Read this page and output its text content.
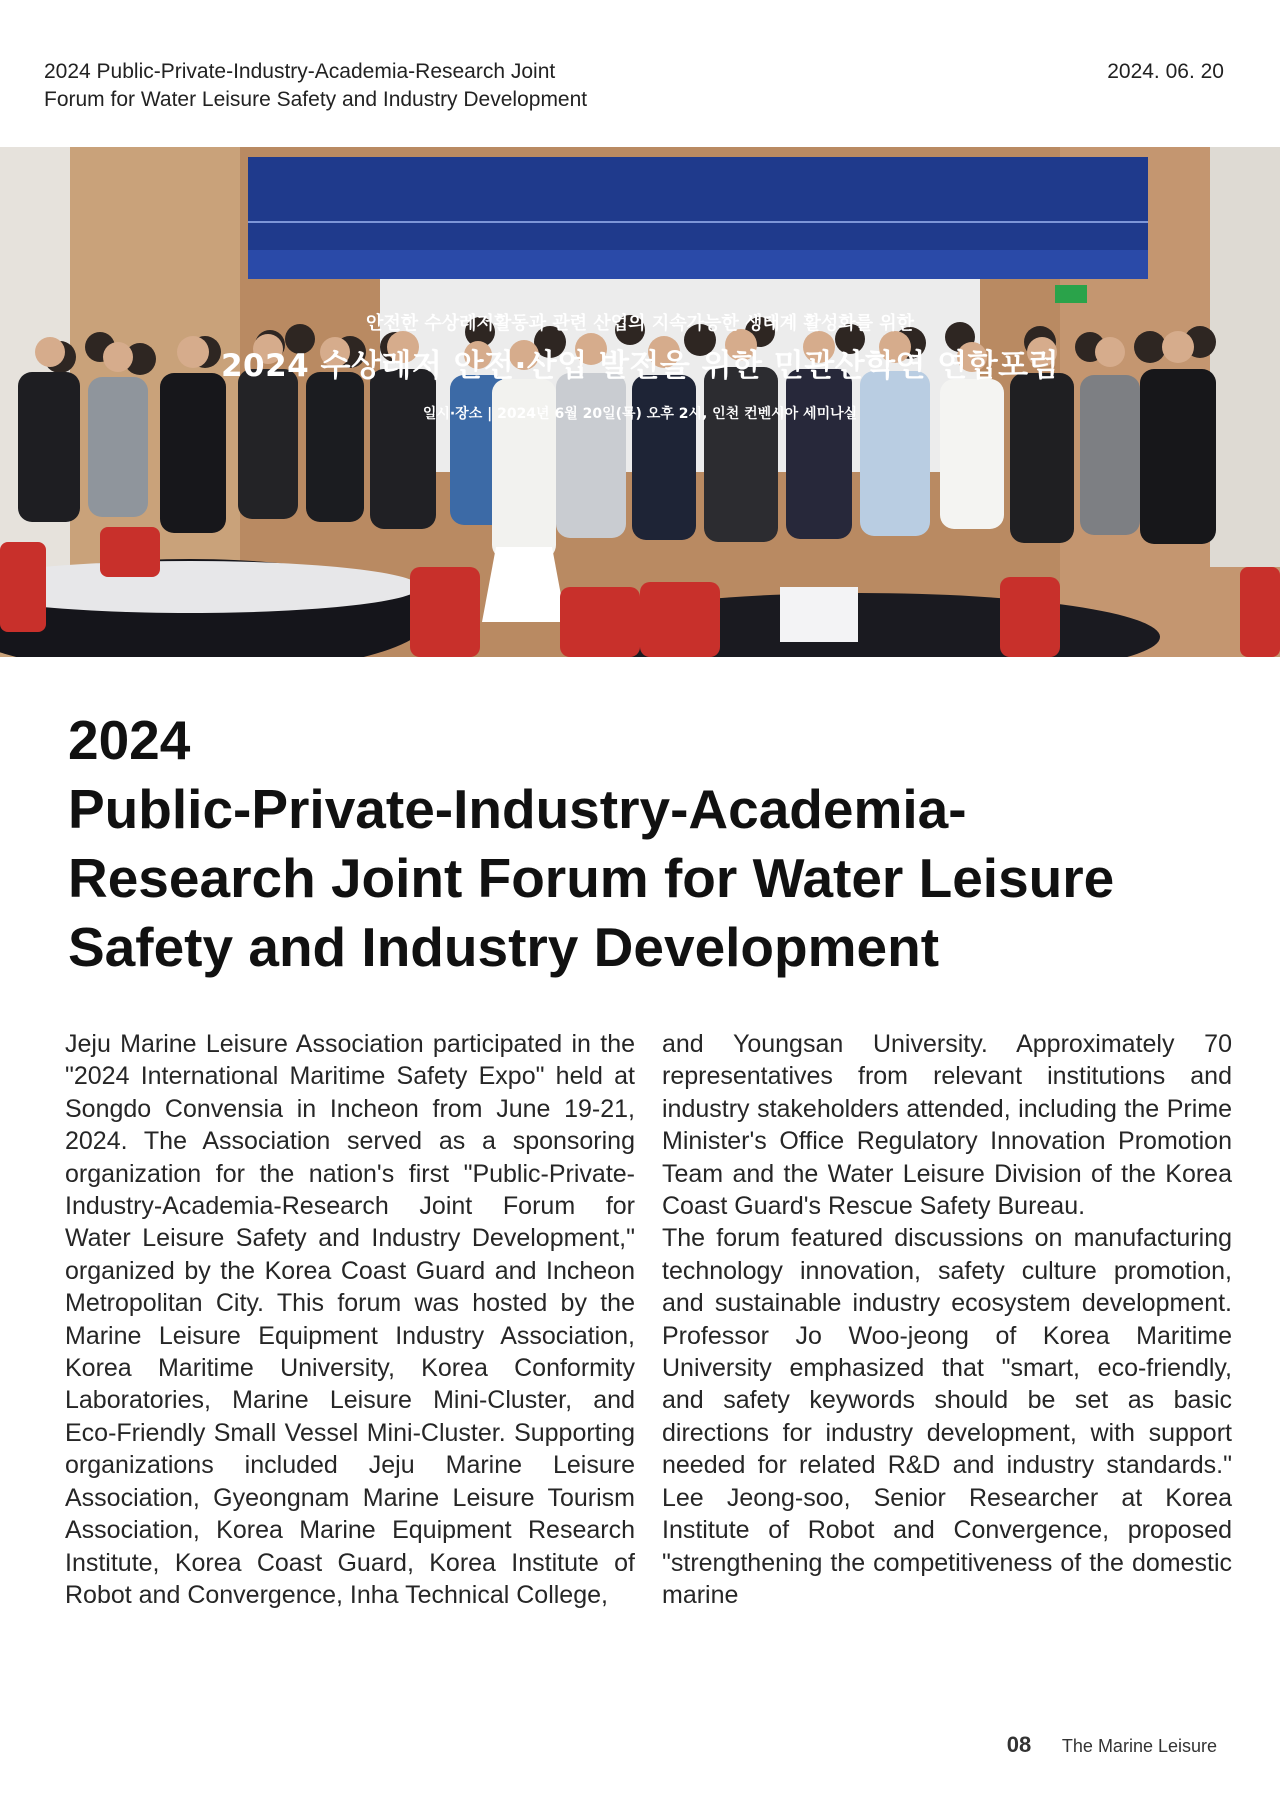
2024 Public-Private-Industry-Academia-Research Joint
Forum for Water Leisure Safety and Industry Development
2024. 06. 20
안전한 수상레저활동과 관련 산업의 지속가능한 생태계 활성화를 위한
2024 수상레저 안전·산업 발전을 위한 민관산학연 연합포럼
일시·장소 | 2024년 6월 20일(목) 오후 2시, 인천 컨벤시아 세미나실
2024
Public-Private-Industry-Academia-
Research Joint Forum for Water Leisure
Safety and Industry Development

Jeju Marine Leisure Association participated in the "2024 International Maritime Safety Expo" held at Songdo Convensia in Incheon from June 19-21, 2024. The Association served as a sponsoring organization for the nation's first "Public-Private-Industry-Academia-Research Joint Forum for Water Leisure Safety and Industry Development," organized by the Korea Coast Guard and Incheon Metropolitan City. This forum was hosted by the Marine Leisure Equipment Industry Association, Korea Maritime University, Korea Conformity Laboratories, Marine Leisure Mini-Cluster, and Eco-Friendly Small Vessel Mini-Cluster. Supporting organizations included Jeju Marine Leisure Association, Gyeongnam Marine Leisure Tourism Association, Korea Marine Equipment Research Institute, Korea Coast Guard, Korea Institute of Robot and Convergence, Inha Technical College,

and Youngsan University. Approximately 70 representatives from relevant institutions and industry stakeholders attended, including the Prime Minister's Office Regulatory Innovation Promotion Team and the Water Leisure Division of the Korea Coast Guard's Rescue Safety Bureau.

The forum featured discussions on manufacturing technology innovation, safety culture promotion, and sustainable industry ecosystem development. Professor Jo Woo-jeong of Korea Maritime University emphasized that "smart, eco-friendly, and safety keywords should be set as basic directions for industry development, with support needed for related R&D and industry standards." Lee Jeong-soo, Senior Researcher at Korea Institute of Robot and Convergence, proposed "strengthening the competitiveness of the domestic marine

08 The Marine Leisure
